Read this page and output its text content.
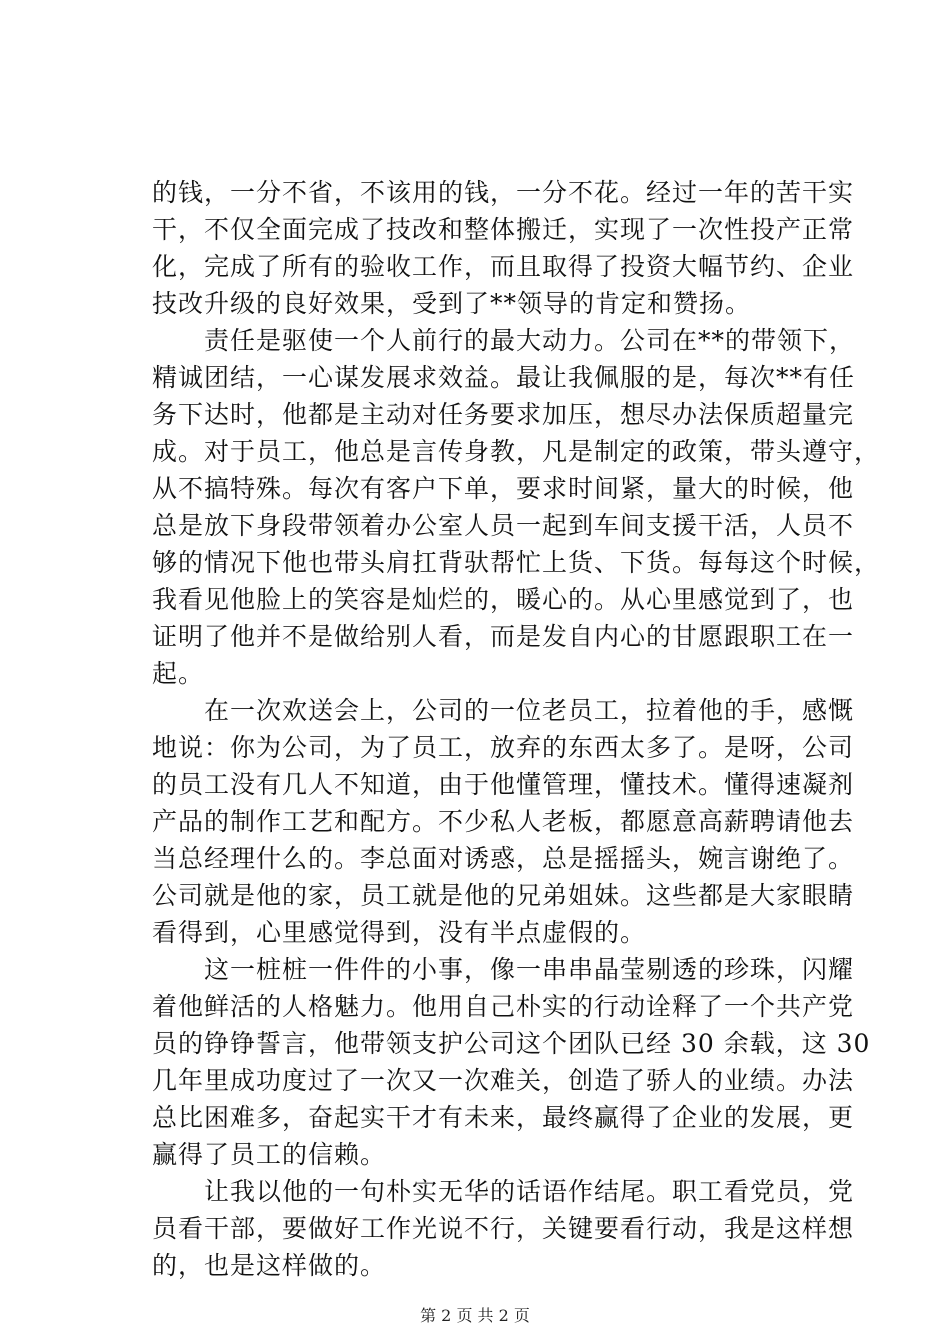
的钱，一分不省，不该用的钱，一分不花。经过一年的苦干实
干，不仅全面完成了技改和整体搬迁，实现了一次性投产正常
化，完成了所有的验收工作，而且取得了投资大幅节约、企业
技改升级的良好效果，受到了**领导的肯定和赞扬。
　　责任是驱使一个人前行的最大动力。公司在**的带领下，
精诚团结，一心谋发展求效益。最让我佩服的是，每次**有任
务下达时，他都是主动对任务要求加压，想尽办法保质超量完
成。对于员工，他总是言传身教，凡是制定的政策，带头遵守，
从不搞特殊。每次有客户下单，要求时间紧，量大的时候，他
总是放下身段带领着办公室人员一起到车间支援干活，人员不
够的情况下他也带头肩扛背驮帮忙上货、下货。每每这个时候，
我看见他脸上的笑容是灿烂的，暖心的。从心里感觉到了，也
证明了他并不是做给别人看，而是发自内心的甘愿跟职工在一
起。
　　在一次欢送会上，公司的一位老员工，拉着他的手，感慨
地说：你为公司，为了员工，放弃的东西太多了。是呀，公司
的员工没有几人不知道，由于他懂管理，懂技术。懂得速凝剂
产品的制作工艺和配方。不少私人老板，都愿意高薪聘请他去
当总经理什么的。李总面对诱惑，总是摇摇头，婉言谢绝了。
公司就是他的家，员工就是他的兄弟姐妹。这些都是大家眼睛
看得到，心里感觉得到，没有半点虚假的。
　　这一桩桩一件件的小事，像一串串晶莹剔透的珍珠，闪耀
着他鲜活的人格魅力。他用自己朴实的行动诠释了一个共产党
员的铮铮誓言，他带领支护公司这个团队已经 30 余载，这 30
几年里成功度过了一次又一次难关，创造了骄人的业绩。办法
总比困难多，奋起实干才有未来，最终赢得了企业的发展，更
赢得了员工的信赖。
　　让我以他的一句朴实无华的话语作结尾。职工看党员，党
员看干部，要做好工作光说不行，关键要看行动，我是这样想
的，也是这样做的。
第 2 页 共 2 页
